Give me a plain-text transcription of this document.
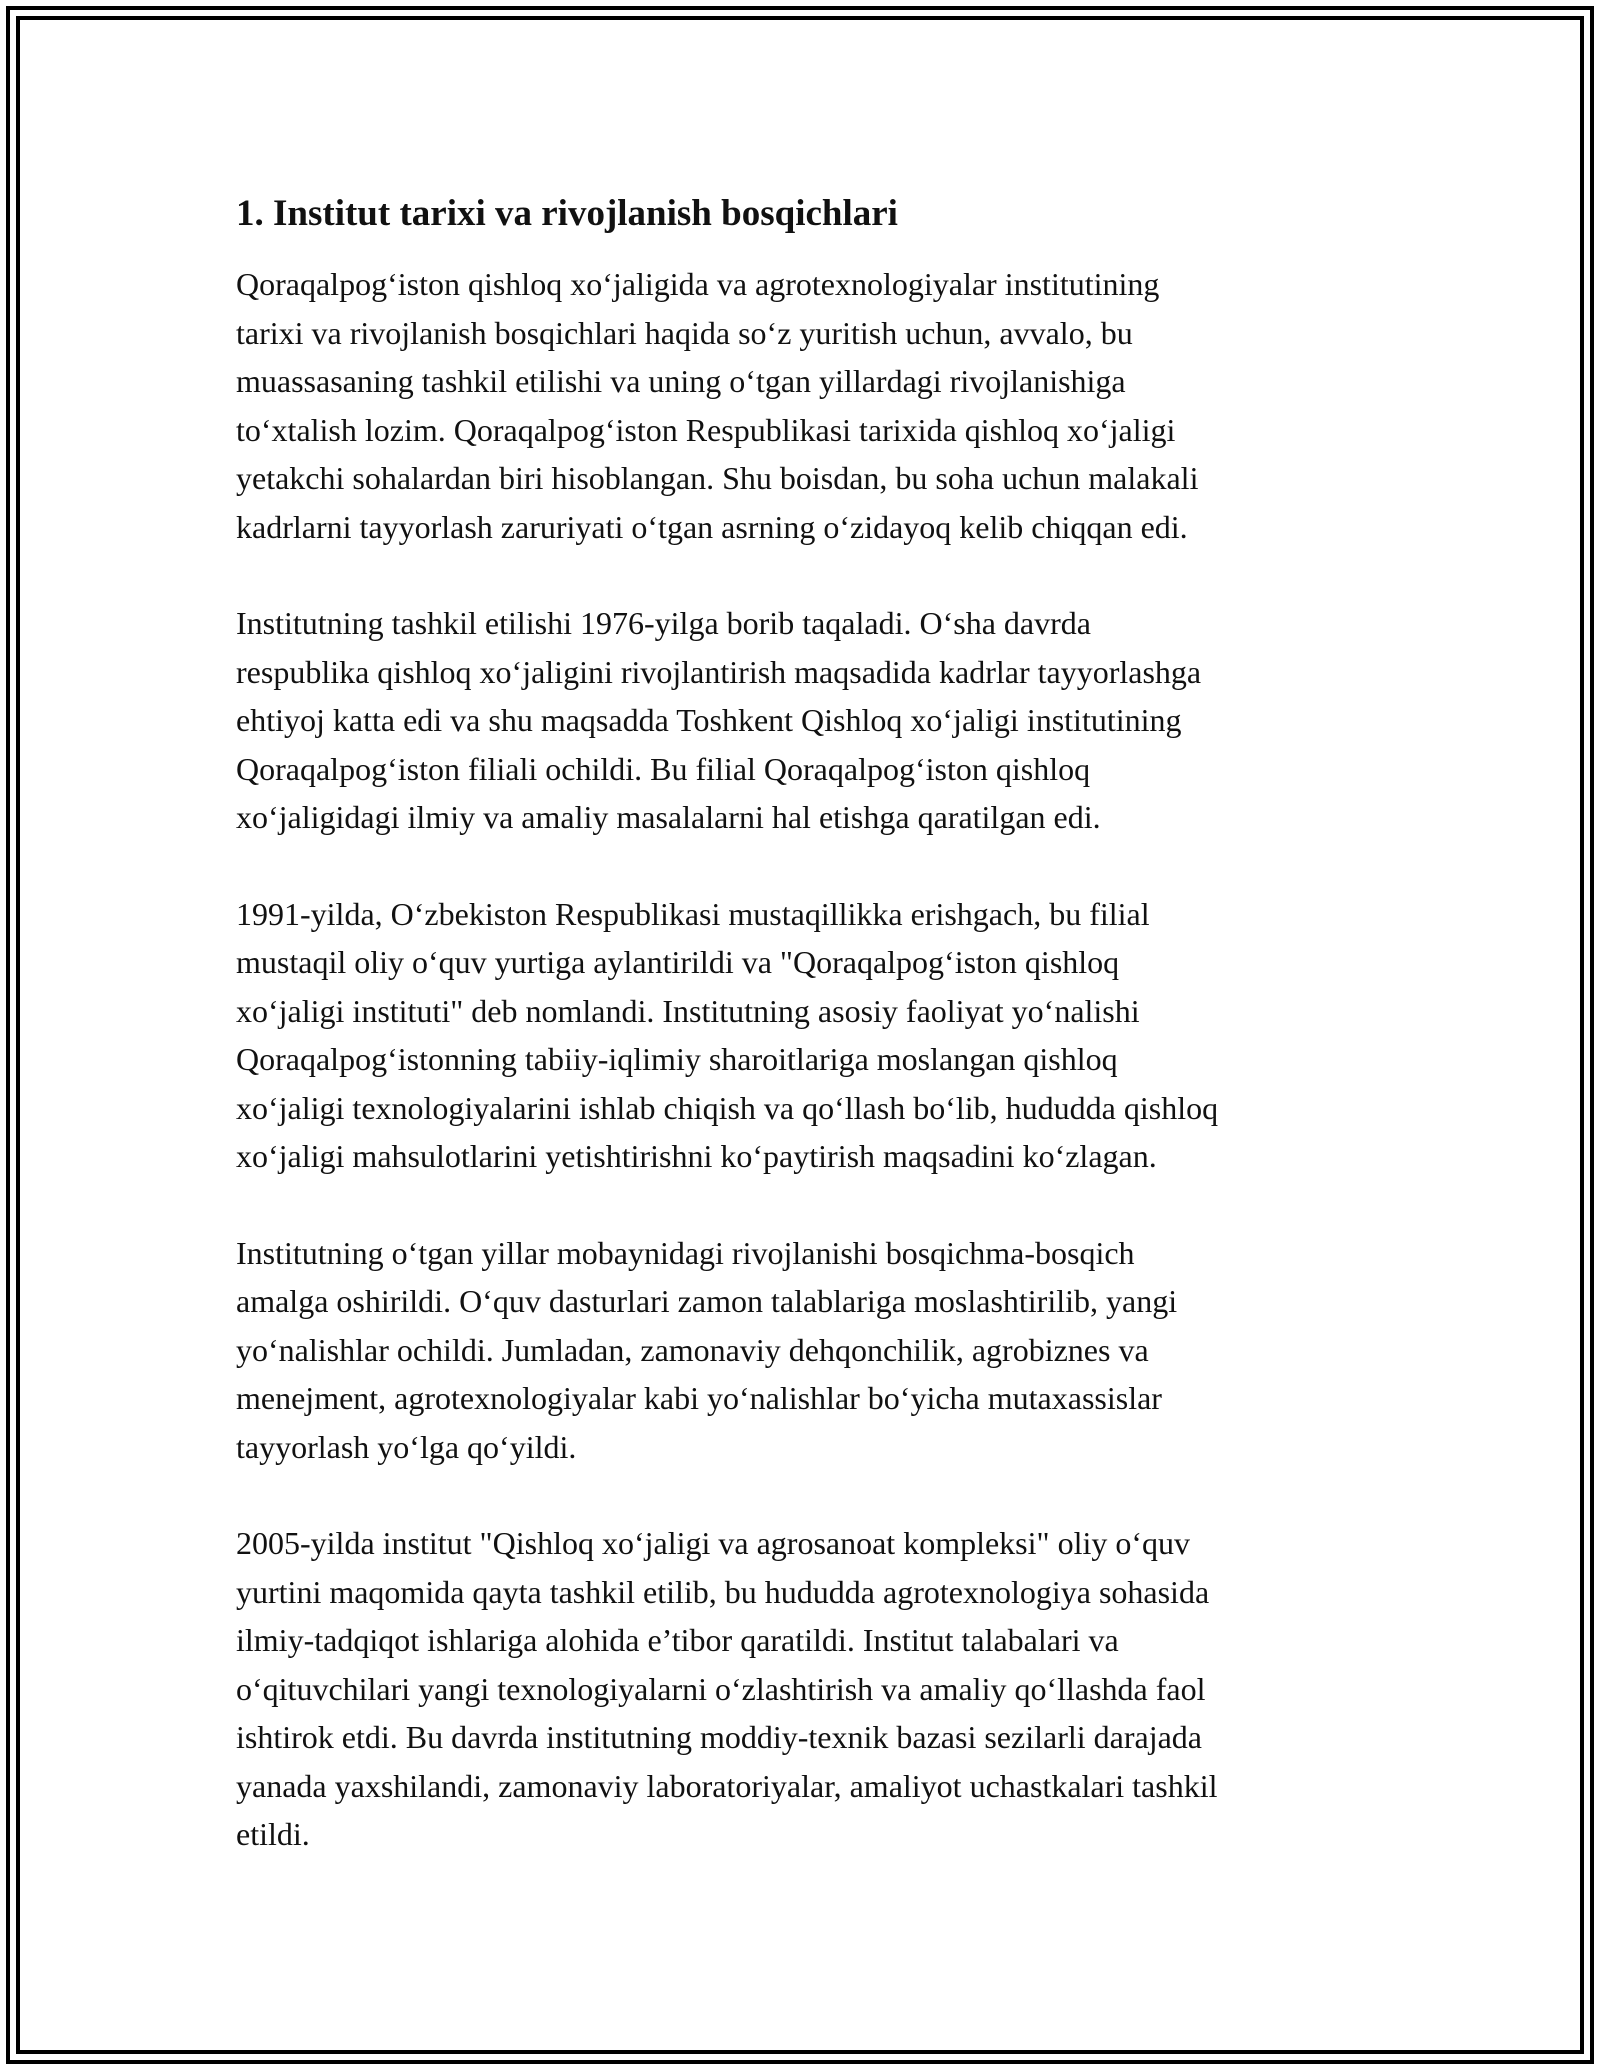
1. Institut tarixi va rivojlanish bosqichlari

Qoraqalpog‘iston qishloq xo‘jaligida va agrotexnologiyalar institutining
tarixi va rivojlanish bosqichlari haqida so‘z yuritish uchun, avvalo, bu
muassasaning tashkil etilishi va uning o‘tgan yillardagi rivojlanishiga
to‘xtalish lozim. Qoraqalpog‘iston Respublikasi tarixida qishloq xo‘jaligi
yetakchi sohalardan biri hisoblangan. Shu boisdan, bu soha uchun malakali
kadrlarni tayyorlash zaruriyati o‘tgan asrning o‘zidayoq kelib chiqqan edi.

Institutning tashkil etilishi 1976-yilga borib taqaladi. O‘sha davrda
respublika qishloq xo‘jaligini rivojlantirish maqsadida kadrlar tayyorlashga
ehtiyoj katta edi va shu maqsadda Toshkent Qishloq xo‘jaligi institutining
Qoraqalpog‘iston filiali ochildi. Bu filial Qoraqalpog‘iston qishloq
xo‘jaligidagi ilmiy va amaliy masalalarni hal etishga qaratilgan edi.

1991-yilda, O‘zbekiston Respublikasi mustaqillikka erishgach, bu filial
mustaqil oliy o‘quv yurtiga aylantirildi va "Qoraqalpog‘iston qishloq
xo‘jaligi instituti" deb nomlandi. Institutning asosiy faoliyat yo‘nalishi
Qoraqalpog‘istonning tabiiy-iqlimiy sharoitlariga moslangan qishloq
xo‘jaligi texnologiyalarini ishlab chiqish va qo‘llash bo‘lib, hududda qishloq
xo‘jaligi mahsulotlarini yetishtirishni ko‘paytirish maqsadini ko‘zlagan.

Institutning o‘tgan yillar mobaynidagi rivojlanishi bosqichma-bosqich
amalga oshirildi. O‘quv dasturlari zamon talablariga moslashtirilib, yangi
yo‘nalishlar ochildi. Jumladan, zamonaviy dehqonchilik, agrobiznes va
menejment, agrotexnologiyalar kabi yo‘nalishlar bo‘yicha mutaxassislar
tayyorlash yo‘lga qo‘yildi.

2005-yilda institut "Qishloq xo‘jaligi va agrosanoat kompleksi" oliy o‘quv
yurtini maqomida qayta tashkil etilib, bu hududda agrotexnologiya sohasida
ilmiy-tadqiqot ishlariga alohida e’tibor qaratildi. Institut talabalari va
o‘qituvchilari yangi texnologiyalarni o‘zlashtirish va amaliy qo‘llashda faol
ishtirok etdi. Bu davrda institutning moddiy-texnik bazasi sezilarli darajada
yanada yaxshilandi, zamonaviy laboratoriyalar, amaliyot uchastkalari tashkil
etildi.
